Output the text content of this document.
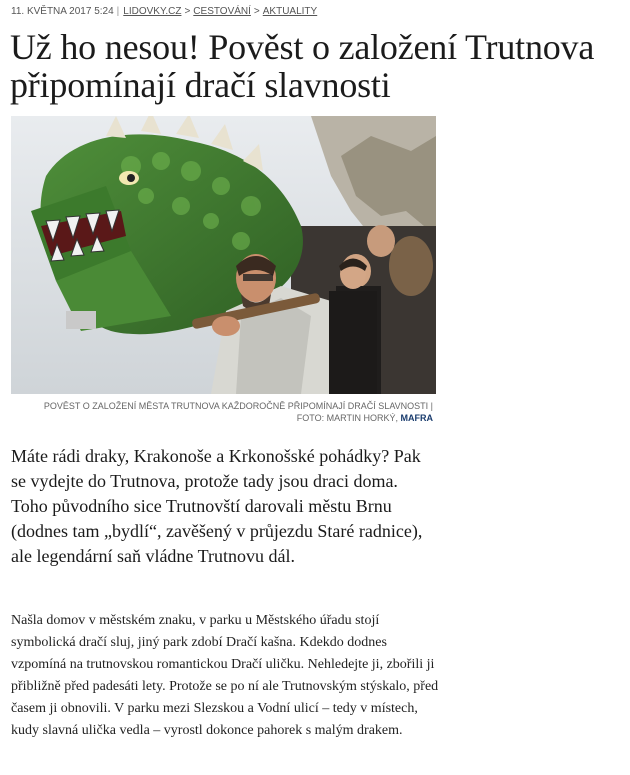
11. KVĚTNA 2017 5:24 | LIDOVKY.CZ > CESTOVÁNÍ > AKTUALITY
Už ho nesou! Pověst o založení Trutnova připomínají dračí slavnosti
POVĚST O ZALOŽENÍ MĚSTA TRUTNOVA KAŽDOROČNĚ PŘIPOMÍNAJÍ DRAČÍ SLAVNOSTI |
FOTO: MARTIN HORKÝ, MAFRA

Máte rádi draky, Krakonoše a Krkonošské pohádky? Pak se vydejte do Trutnova, protože tady jsou draci doma. Toho původního sice Trutnovští darovali městu Brnu (dodnes tam „bydlí“, zavěšený v průjezdu Staré radnice), ale legendární saň vládne Trutnovu dál.

Našla domov v městském znaku, v parku u Městského úřadu stojí symbolická dračí sluj, jiný park zdobí Dračí kašna. Kdekdo dodnes vzpomíná na trutnovskou romantickou Dračí uličku. Nehledejte ji, zbořili ji přibližně před padesáti lety. Protože se po ní ale Trutnovským stýskalo, před časem ji obnovili. V parku mezi Slezskou a Vodní ulicí – tedy v místech, kudy slavná ulička vedla – vyrostl dokonce pahorek s malým drakem.
